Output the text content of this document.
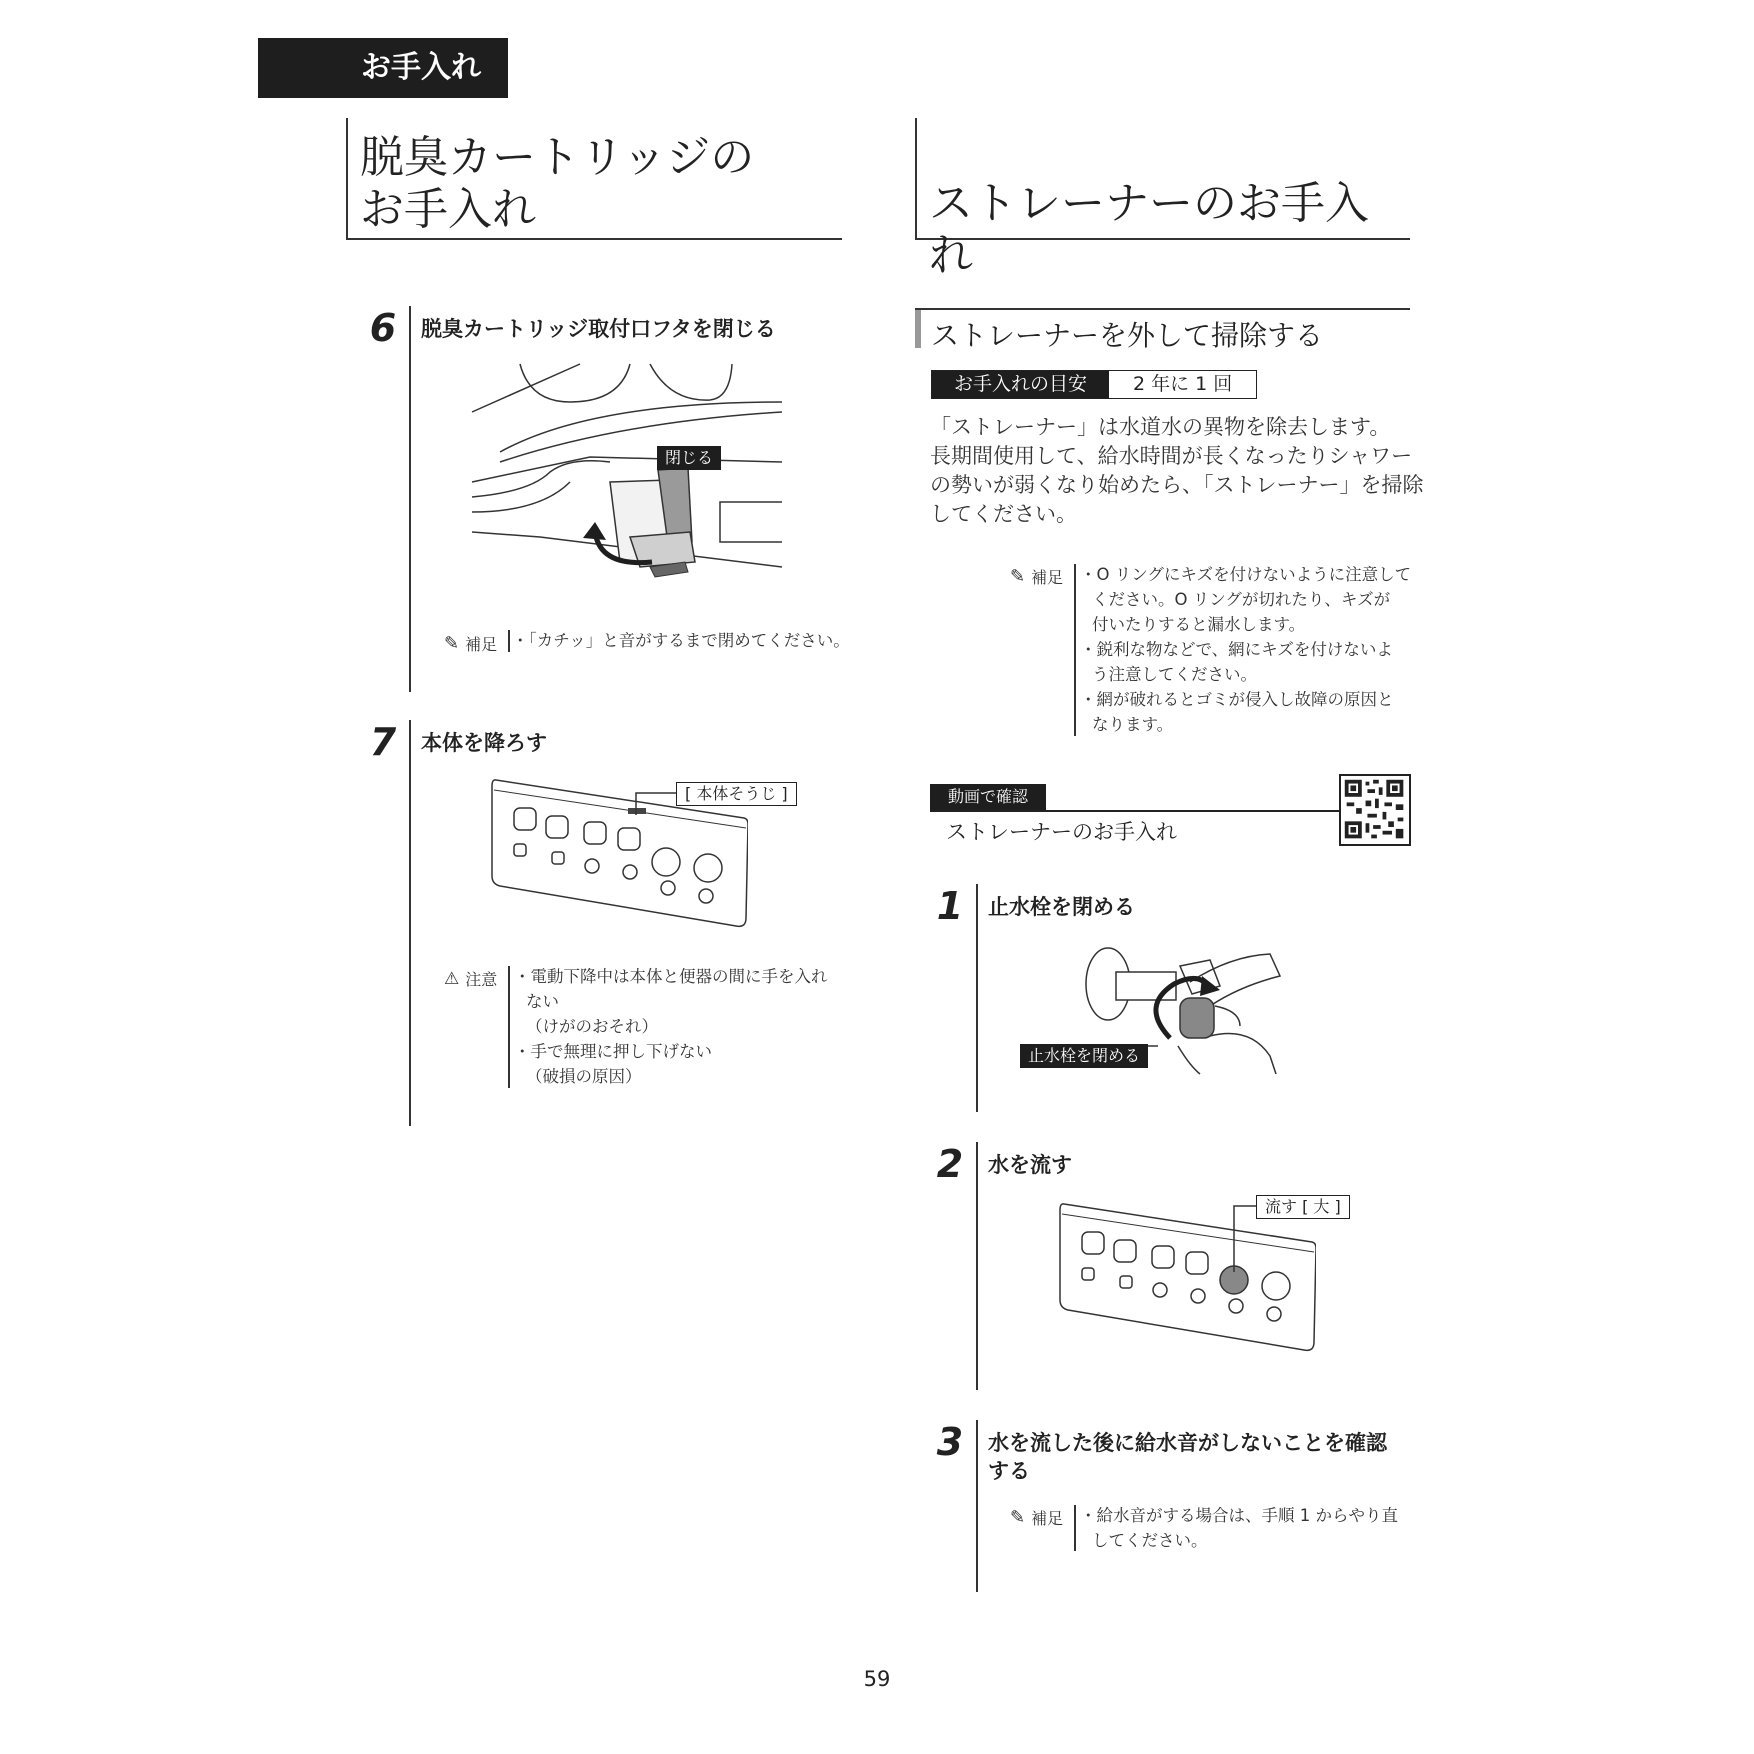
お手入れ
脱臭カートリッジの
お手入れ	ストレーナーのお手入れ
6	脱臭カートリッジ取付口フタを閉じる
閉じる
✎ 補足 ・「カチッ」と音がするまで閉めてください。
7	本体を降ろす
[ 本体そうじ ]
⚠ 注意 ・電動下降中は本体と便器の間に手を入れ
ない
（けがのおそれ）
・手で無理に押し下げない
（破損の原因）
ストレーナーを外して掃除する
お手入れの目安	2 年に 1 回
「ストレーナー」は水道水の異物を除去します。
長期間使用して、給水時間が長くなったりシャワー
の勢いが弱くなり始めたら、「ストレーナー」を掃除
してください。
✎ 補足 ・O リングにキズを付けないように注意して
ください。O リングが切れたり、キズが
付いたりすると漏水します。
・鋭利な物などで、網にキズを付けないよ
う注意してください。
・網が破れるとゴミが侵入し故障の原因と
なります。
動画で確認
ストレーナーのお手入れ
1	止水栓を閉める
止水栓を閉める
2	水を流す
流す [ 大 ]
3	水を流した後に給水音がしないことを確認
する
✎ 補足 ・給水音がする場合は、手順 1 からやり直
してください。
59
